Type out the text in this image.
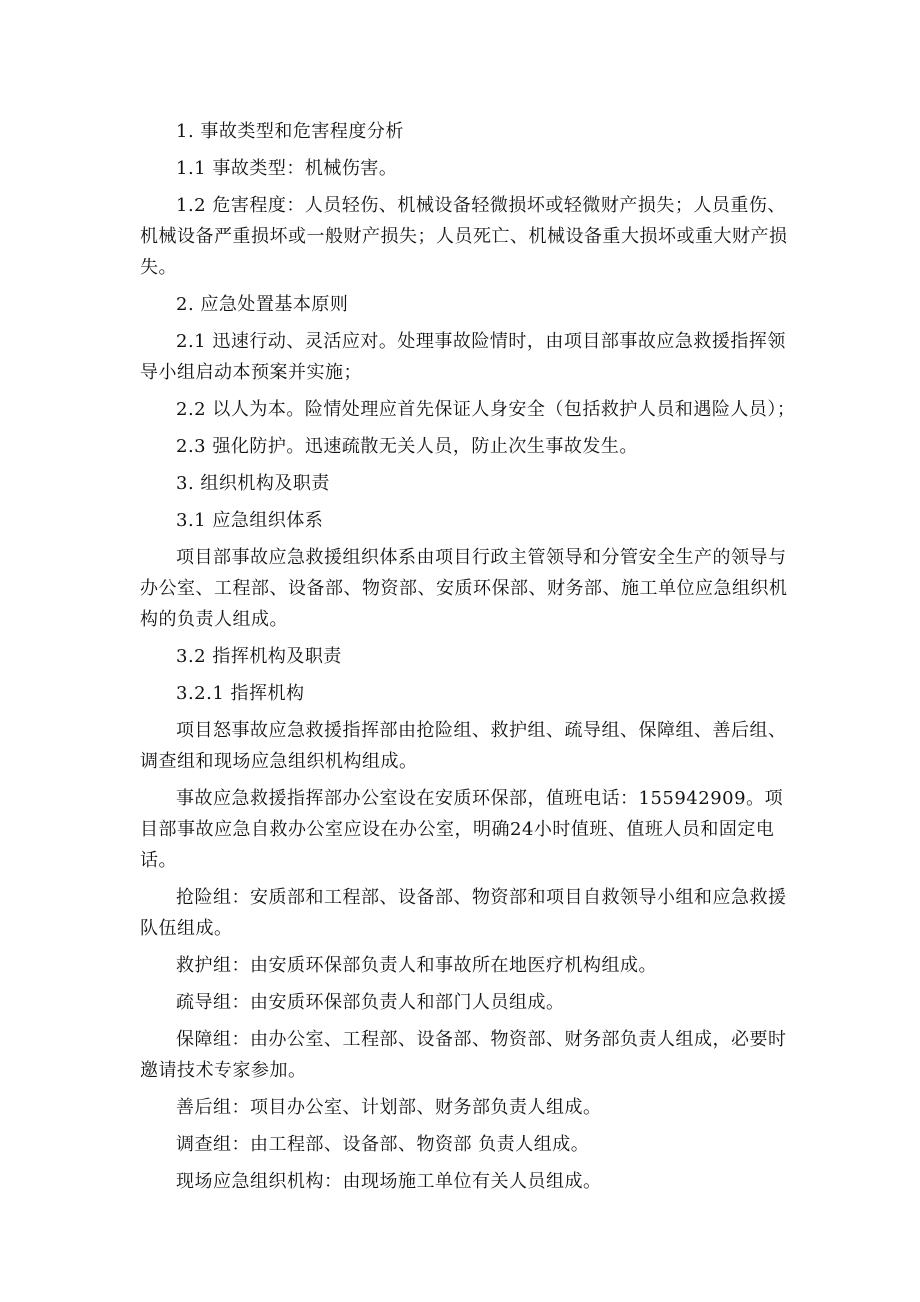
1. 事故类型和危害程度分析

1.1 事故类型：机械伤害。

1.2 危害程度：人员轻伤、机械设备轻微损坏或轻微财产损失；人员重伤、机械设备严重损坏或一般财产损失；人员死亡、机械设备重大损坏或重大财产损失。

2. 应急处置基本原则

2.1 迅速行动、灵活应对。处理事故险情时，由项目部事故应急救援指挥领导小组启动本预案并实施；

2.2 以人为本。险情处理应首先保证人身安全（包括救护人员和遇险人员）；

2.3 强化防护。迅速疏散无关人员，防止次生事故发生。

3. 组织机构及职责

3.1 应急组织体系

项目部事故应急救援组织体系由项目行政主管领导和分管安全生产的领导与办公室、工程部、设备部、物资部、安质环保部、财务部、施工单位应急组织机构的负责人组成。

3.2 指挥机构及职责

3.2.1 指挥机构

项目怒事故应急救援指挥部由抢险组、救护组、疏导组、保障组、善后组、调查组和现场应急组织机构组成。

事故应急救援指挥部办公室设在安质环保部，值班电话：155942909。项目部事故应急自救办公室应设在办公室，明确24小时值班、值班人员和固定电话。

抢险组：安质部和工程部、设备部、物资部和项目自救领导小组和应急救援队伍组成。

救护组：由安质环保部负责人和事故所在地医疗机构组成。

疏导组：由安质环保部负责人和部门人员组成。

保障组：由办公室、工程部、设备部、物资部、财务部负责人组成，必要时邀请技术专家参加。

善后组：项目办公室、计划部、财务部负责人组成。

调查组：由工程部、设备部、物资部 负责人组成。

现场应急组织机构：由现场施工单位有关人员组成。
